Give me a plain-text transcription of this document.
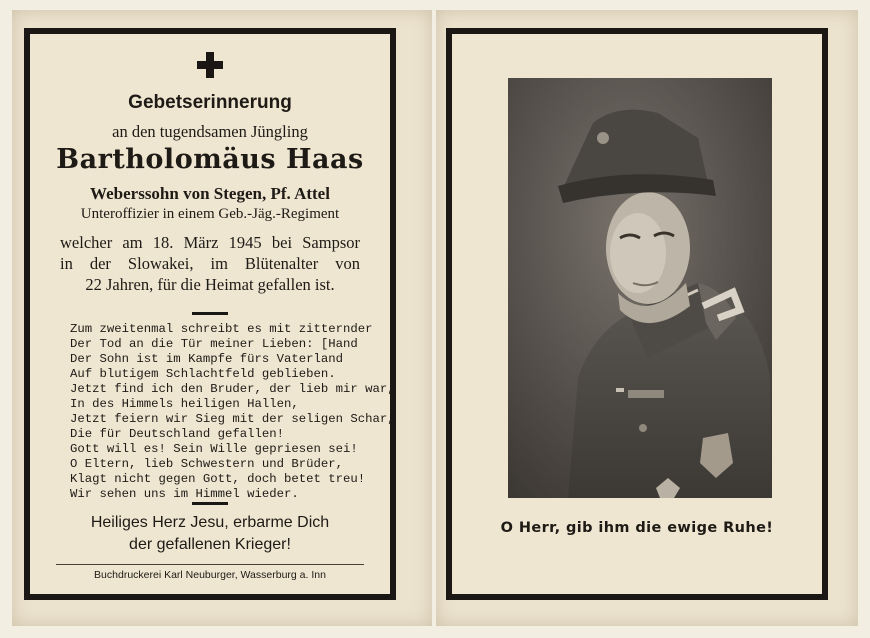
Gebetserinnerung
an den tugendsamen Jüngling
Bartholomäus Haas
Weberssohn von Stegen, Pf. Attel
Unteroffizier in einem Geb.-Jäg.-Regiment
welcher am 18. März 1945 bei Sampsor
in der Slowakei, im Blütenalter von
22 Jahren, für die Heimat gefallen ist.
Zum zweitenmal schreibt es mit zitternder
Der Tod an die Tür meiner Lieben: [Hand
Der Sohn ist im Kampfe fürs Vaterland
Auf blutigem Schlachtfeld geblieben.
Jetzt find ich den Bruder, der lieb mir war,
In des Himmels heiligen Hallen,
Jetzt feiern wir Sieg mit der seligen Schar,
Die für Deutschland gefallen!
Gott will es! Sein Wille gepriesen sei!
O Eltern, lieb Schwestern und Brüder,
Klagt nicht gegen Gott, doch betet treu!
Wir sehen uns im Himmel wieder.
Heiliges Herz Jesu, erbarme Dich
der gefallenen Krieger!
Buchdruckerei Karl Neuburger, Wasserburg a. Inn
O Herr, gib ihm die ewige Ruhe!
